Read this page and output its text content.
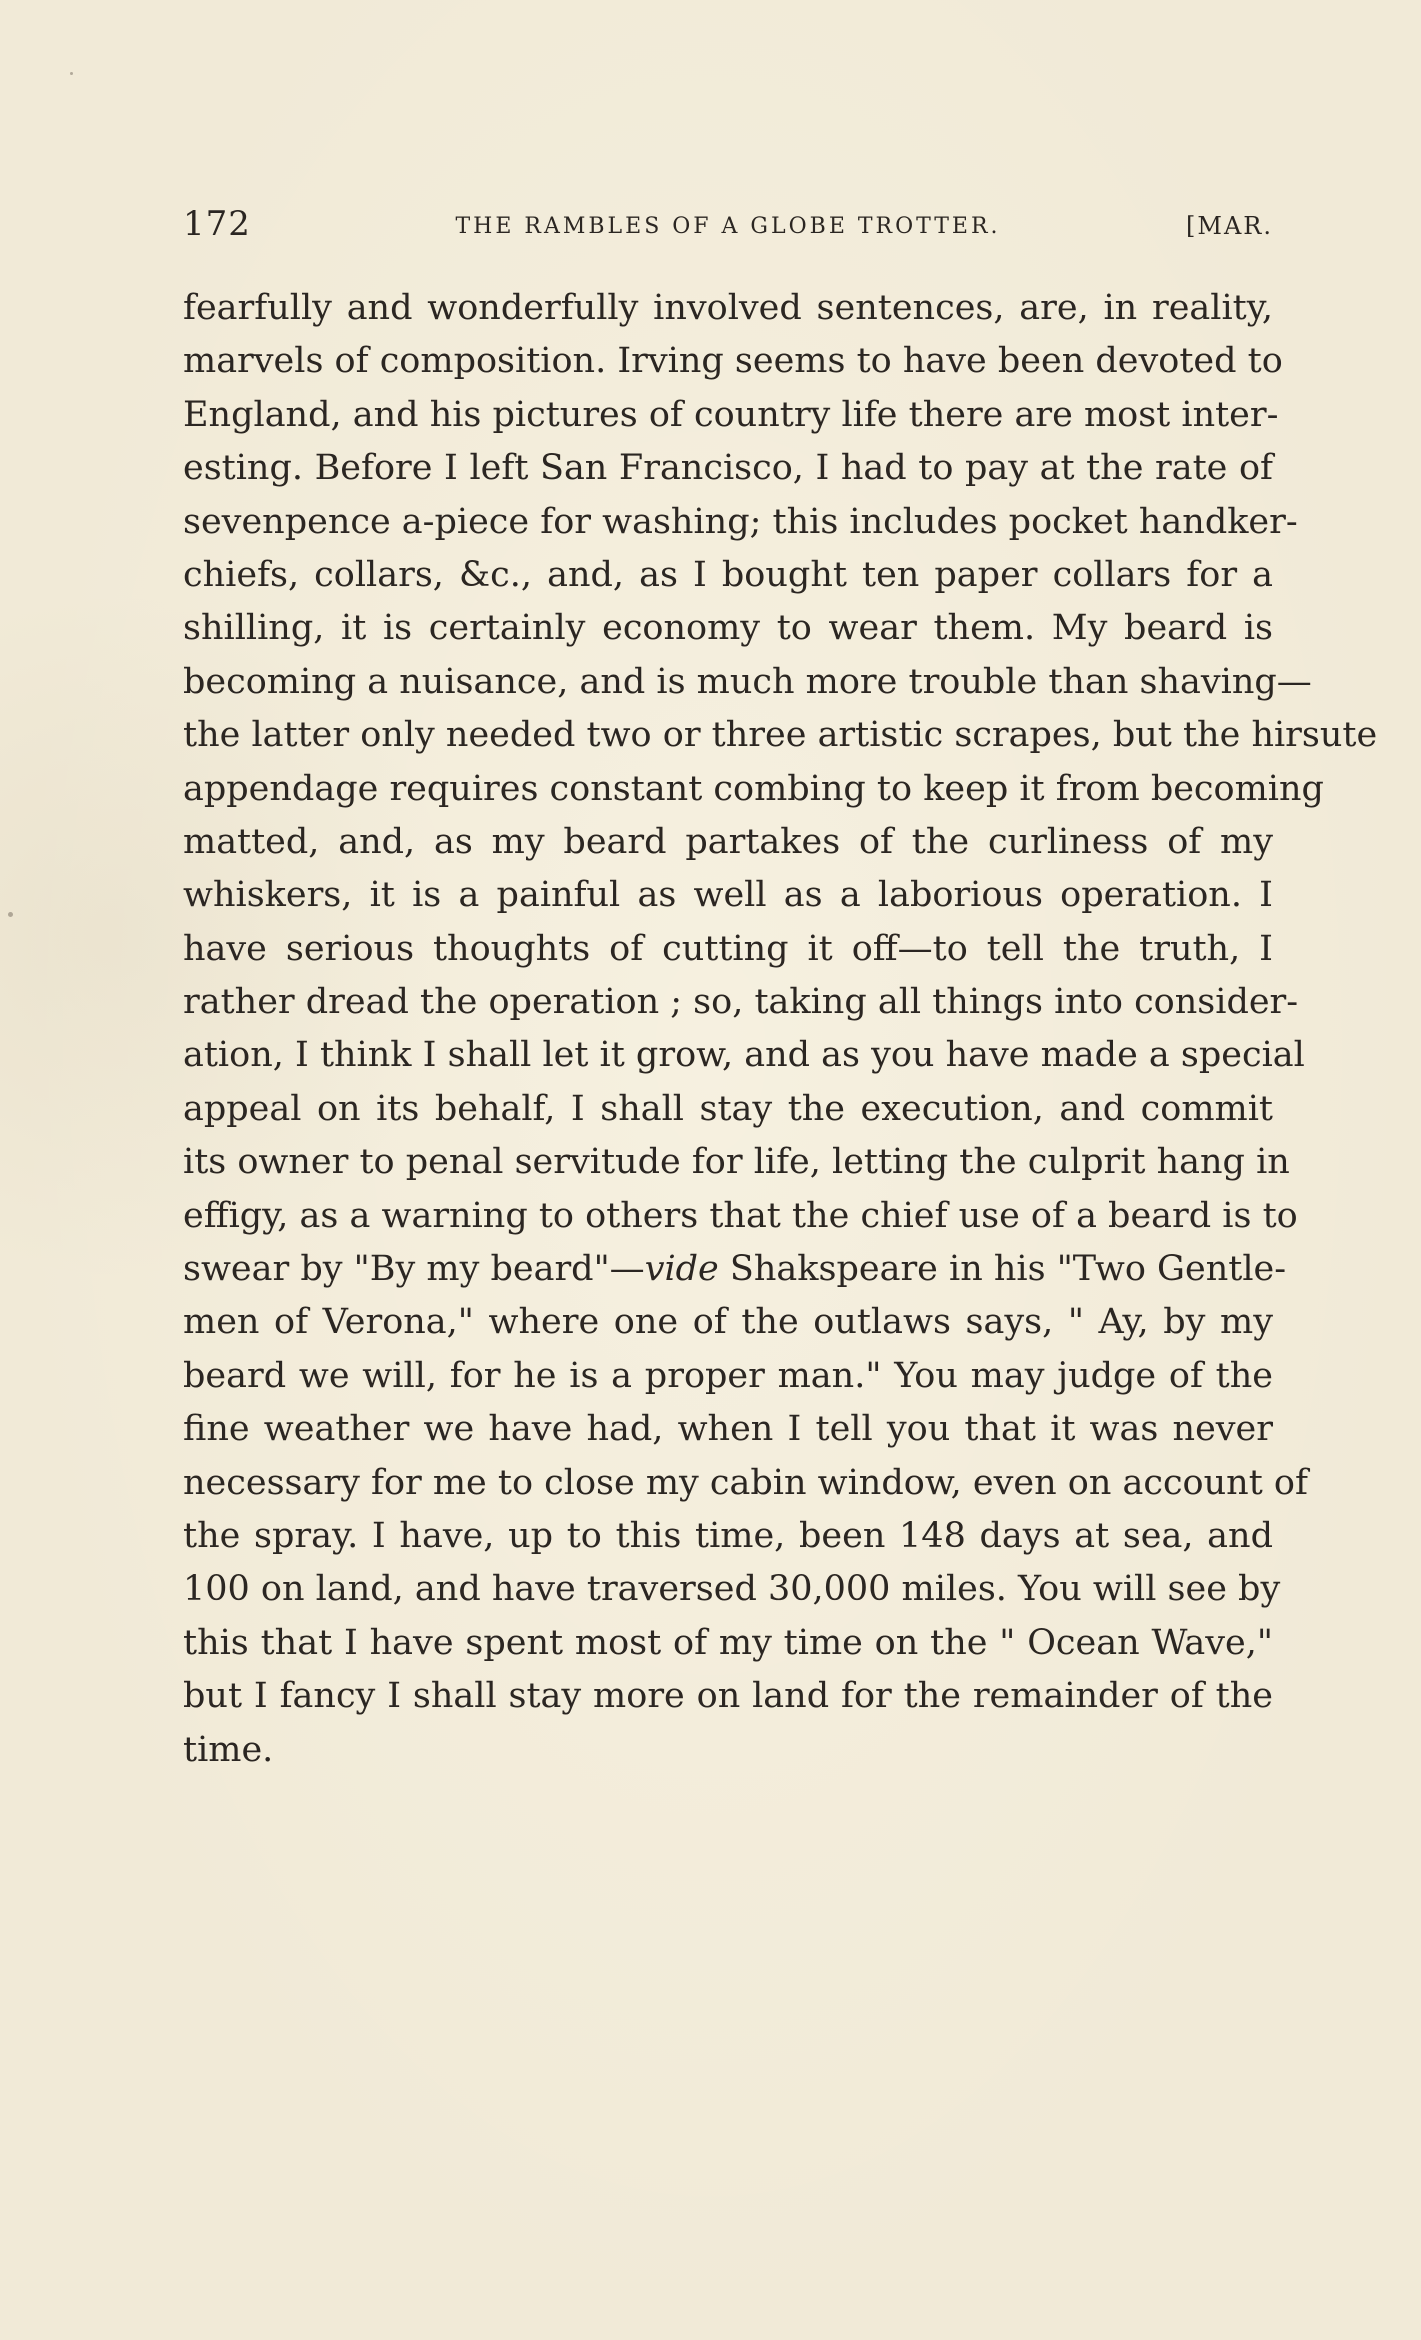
172	THE RAMBLES OF A GLOBE TROTTER.	[MAR.
fearfully and wonderfully involved sentences, are, in reality,
marvels of composition. Irving seems to have been devoted to
England, and his pictures of country life there are most inter-
esting. Before I left San Francisco, I had to pay at the rate of
sevenpence a-piece for washing; this includes pocket handker-
chiefs, collars, &c., and, as I bought ten paper collars for a
shilling, it is certainly economy to wear them. My beard is
becoming a nuisance, and is much more trouble than shaving—
the latter only needed two or three artistic scrapes, but the hirsute
appendage requires constant combing to keep it from becoming
matted, and, as my beard partakes of the curliness of my
whiskers, it is a painful as well as a laborious operation. I
have serious thoughts of cutting it off—to tell the truth, I
rather dread the operation ; so, taking all things into consider-
ation, I think I shall let it grow, and as you have made a special
appeal on its behalf, I shall stay the execution, and commit
its owner to penal servitude for life, letting the culprit hang in
effigy, as a warning to others that the chief use of a beard is to
swear by "By my beard"—vide Shakspeare in his "Two Gentle-
men of Verona," where one of the outlaws says, " Ay, by my
beard we will, for he is a proper man." You may judge of the
fine weather we have had, when I tell you that it was never
necessary for me to close my cabin window, even on account of
the spray. I have, up to this time, been 148 days at sea, and
100 on land, and have traversed 30,000 miles. You will see by
this that I have spent most of my time on the " Ocean Wave,"
but I fancy I shall stay more on land for the remainder of the
time.
